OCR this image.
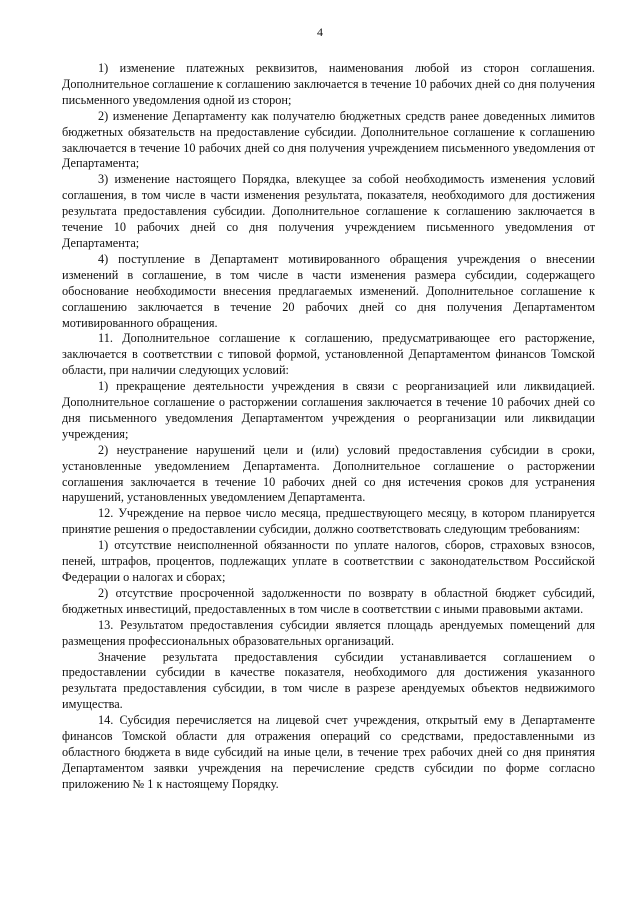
4

1) изменение платежных реквизитов, наименования любой из сторон соглашения. Дополнительное соглашение к соглашению заключается в течение 10 рабочих дней со дня получения письменного уведомления одной из сторон;

2) изменение Департаменту как получателю бюджетных средств ранее доведенных лимитов бюджетных обязательств на предоставление субсидии. Дополнительное соглашение к соглашению заключается в течение 10 рабочих дней со дня получения учреждением письменного уведомления от Департамента;

3) изменение настоящего Порядка, влекущее за собой необходимость изменения условий соглашения, в том числе в части изменения результата, показателя, необходимого для достижения результата предоставления субсидии. Дополнительное соглашение к соглашению заключается в течение 10 рабочих дней со дня получения учреждением письменного уведомления от Департамента;

4) поступление в Департамент мотивированного обращения учреждения о внесении изменений в соглашение, в том числе в части изменения размера субсидии, содержащего обоснование необходимости внесения предлагаемых изменений. Дополнительное соглашение к соглашению заключается в течение 20 рабочих дней со дня получения Департаментом мотивированного обращения.

11. Дополнительное соглашение к соглашению, предусматривающее его расторжение, заключается в соответствии с типовой формой, установленной Департаментом финансов Томской области, при наличии следующих условий:

1) прекращение деятельности учреждения в связи с реорганизацией или ликвидацией. Дополнительное соглашение о расторжении соглашения заключается в течение 10 рабочих дней со дня письменного уведомления Департаментом учреждения о реорганизации или ликвидации учреждения;

2) неустранение нарушений цели и (или) условий предоставления субсидии в сроки, установленные уведомлением Департамента. Дополнительное соглашение о расторжении соглашения заключается в течение 10 рабочих дней со дня истечения сроков для устранения нарушений, установленных уведомлением Департамента.

12. Учреждение на первое число месяца, предшествующего месяцу, в котором планируется принятие решения о предоставлении субсидии, должно соответствовать следующим требованиям:

1) отсутствие неисполненной обязанности по уплате налогов, сборов, страховых взносов, пеней, штрафов, процентов, подлежащих уплате в соответствии с законодательством Российской Федерации о налогах и сборах;

2) отсутствие просроченной задолженности по возврату в областной бюджет субсидий, бюджетных инвестиций, предоставленных в том числе в соответствии с иными правовыми актами.

13. Результатом предоставления субсидии является площадь арендуемых помещений для размещения профессиональных образовательных организаций.

Значение результата предоставления субсидии устанавливается соглашением о предоставлении субсидии в качестве показателя, необходимого для достижения указанного результата предоставления субсидии, в том числе в разрезе арендуемых объектов недвижимого имущества.

14. Субсидия перечисляется на лицевой счет учреждения, открытый ему в Департаменте финансов Томской области для отражения операций со средствами, предоставленными из областного бюджета в виде субсидий на иные цели, в течение трех рабочих дней со дня принятия Департаментом заявки учреждения на перечисление средств субсидии по форме согласно приложению № 1 к настоящему Порядку.
